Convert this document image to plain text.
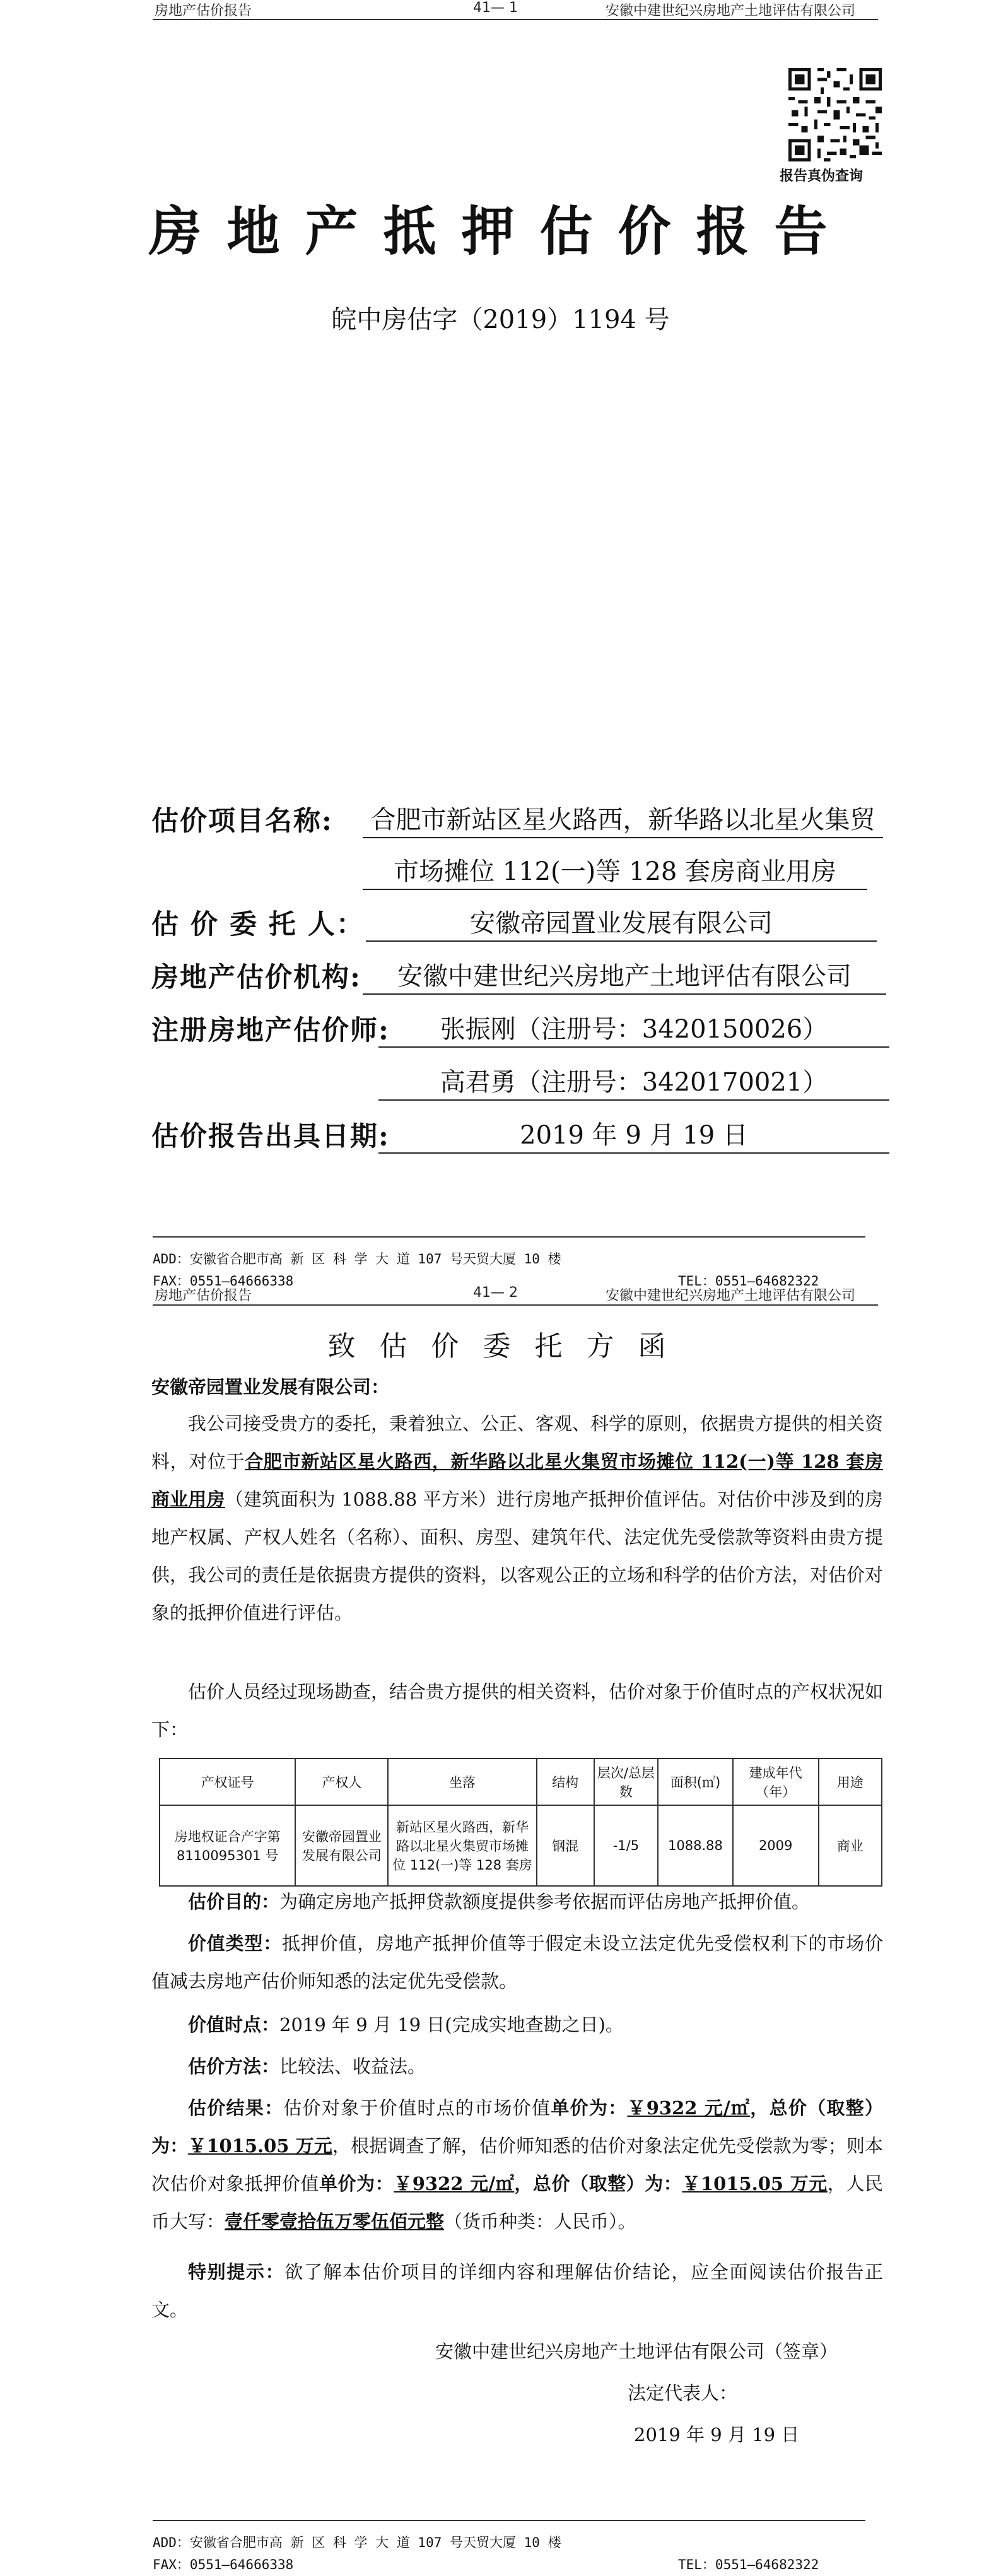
房地产估价报告	41— 1	安徽中建世纪兴房地产土地评估有限公司
报告真伪查询
房地产抵押估价报告
皖中房估字（2019）1194 号
估价项目名称:	合肥市新站区星火路西，新华路以北星火集贸
市场摊位 112(一)等 128 套房商业用房
估 价 委 托 人：	安徽帝园置业发展有限公司
房地产估价机构:	安徽中建世纪兴房地产土地评估有限公司
注册房地产估价师:	张振刚（注册号：3420150026）
高君勇（注册号：3420170021）
估价报告出具日期:	2019 年 9 月 19 日
ADD：安徽省合肥市高 新 区 科 学 大 道 107 号天贸大厦 10 楼
FAX：0551—64666338	TEL：0551—64682322
房地产估价报告	41— 2	安徽中建世纪兴房地产土地评估有限公司
致 估 价 委 托 方 函
安徽帝园置业发展有限公司：
我公司接受贵方的委托，秉着独立、公正、客观、科学的原则，依据贵方提供的相关资料，对位于合肥市新站区星火路西，新华路以北星火集贸市场摊位 112(一)等 128 套房商业用房（建筑面积为 1088.88 平方米）进行房地产抵押价值评估。对估价中涉及到的房地产权属、产权人姓名（名称）、面积、房型、建筑年代、法定优先受偿款等资料由贵方提供，我公司的责任是依据贵方提供的资料，以客观公正的立场和科学的估价方法，对估价对象的抵押价值进行评估。
估价人员经过现场勘查，结合贵方提供的相关资料，估价对象于价值时点的产权状况如下：
产权证号	产权人	坐落	结构	层次/总层数	面积(㎡)	建成年代（年）	用途
房地权证合产字第 8110095301 号	安徽帝园置业发展有限公司	新站区星火路西，新华路以北星火集贸市场摊位 112(一)等 128 套房	钢混	-1/5	1088.88	2009	商业
估价目的：为确定房地产抵押贷款额度提供参考依据而评估房地产抵押价值。
价值类型：抵押价值，房地产抵押价值等于假定未设立法定优先受偿权利下的市场价值减去房地产估价师知悉的法定优先受偿款。
价值时点：2019 年 9 月 19 日(完成实地查勘之日)。
估价方法：比较法、收益法。
估价结果：估价对象于价值时点的市场价值单价为：￥9322 元/㎡，总价（取整）为：￥1015.05 万元，根据调查了解，估价师知悉的估价对象法定优先受偿款为零；则本次估价对象抵押价值单价为：￥9322 元/㎡，总价（取整）为：￥1015.05 万元，人民币大写：壹仟零壹拾伍万零伍佰元整（货币种类：人民币）。
特别提示：欲了解本估价项目的详细内容和理解估价结论，应全面阅读估价报告正文。
安徽中建世纪兴房地产土地评估有限公司（签章）
法定代表人：
2019 年 9 月 19 日
ADD：安徽省合肥市高 新 区 科 学 大 道 107 号天贸大厦 10 楼
FAX：0551—64666338	TEL：0551—64682322
